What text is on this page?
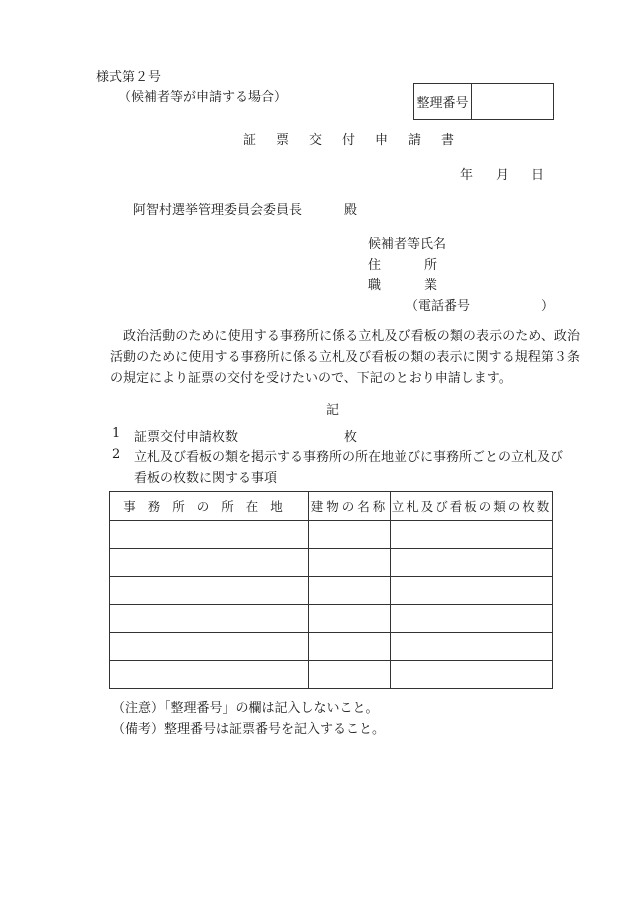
様式第２号
（候補者等が申請する場合）	整理番号
証票交付申請書
年 月 日
阿智村選挙管理委員会委員長	殿
候補者等氏名
住	所
職	業
（電話番号	）
政治活動のために使用する事務所に係る立札及び看板の類の表示のため、政治活動のために使用する事務所に係る立札及び看板の類の表示に関する規程第３条の規定により証票の交付を受けたいので、下記のとおり申請します。
記
1 証票交付申請枚数	枚
2 立札及び看板の類を掲示する事務所の所在地並びに事務所ごとの立札及び看板の枚数に関する事項
事務所の所在地	建物の名称	立札及び看板の類の枚数

（注意）「整理番号」の欄は記入しないこと。
（備考）整理番号は証票番号を記入すること。
